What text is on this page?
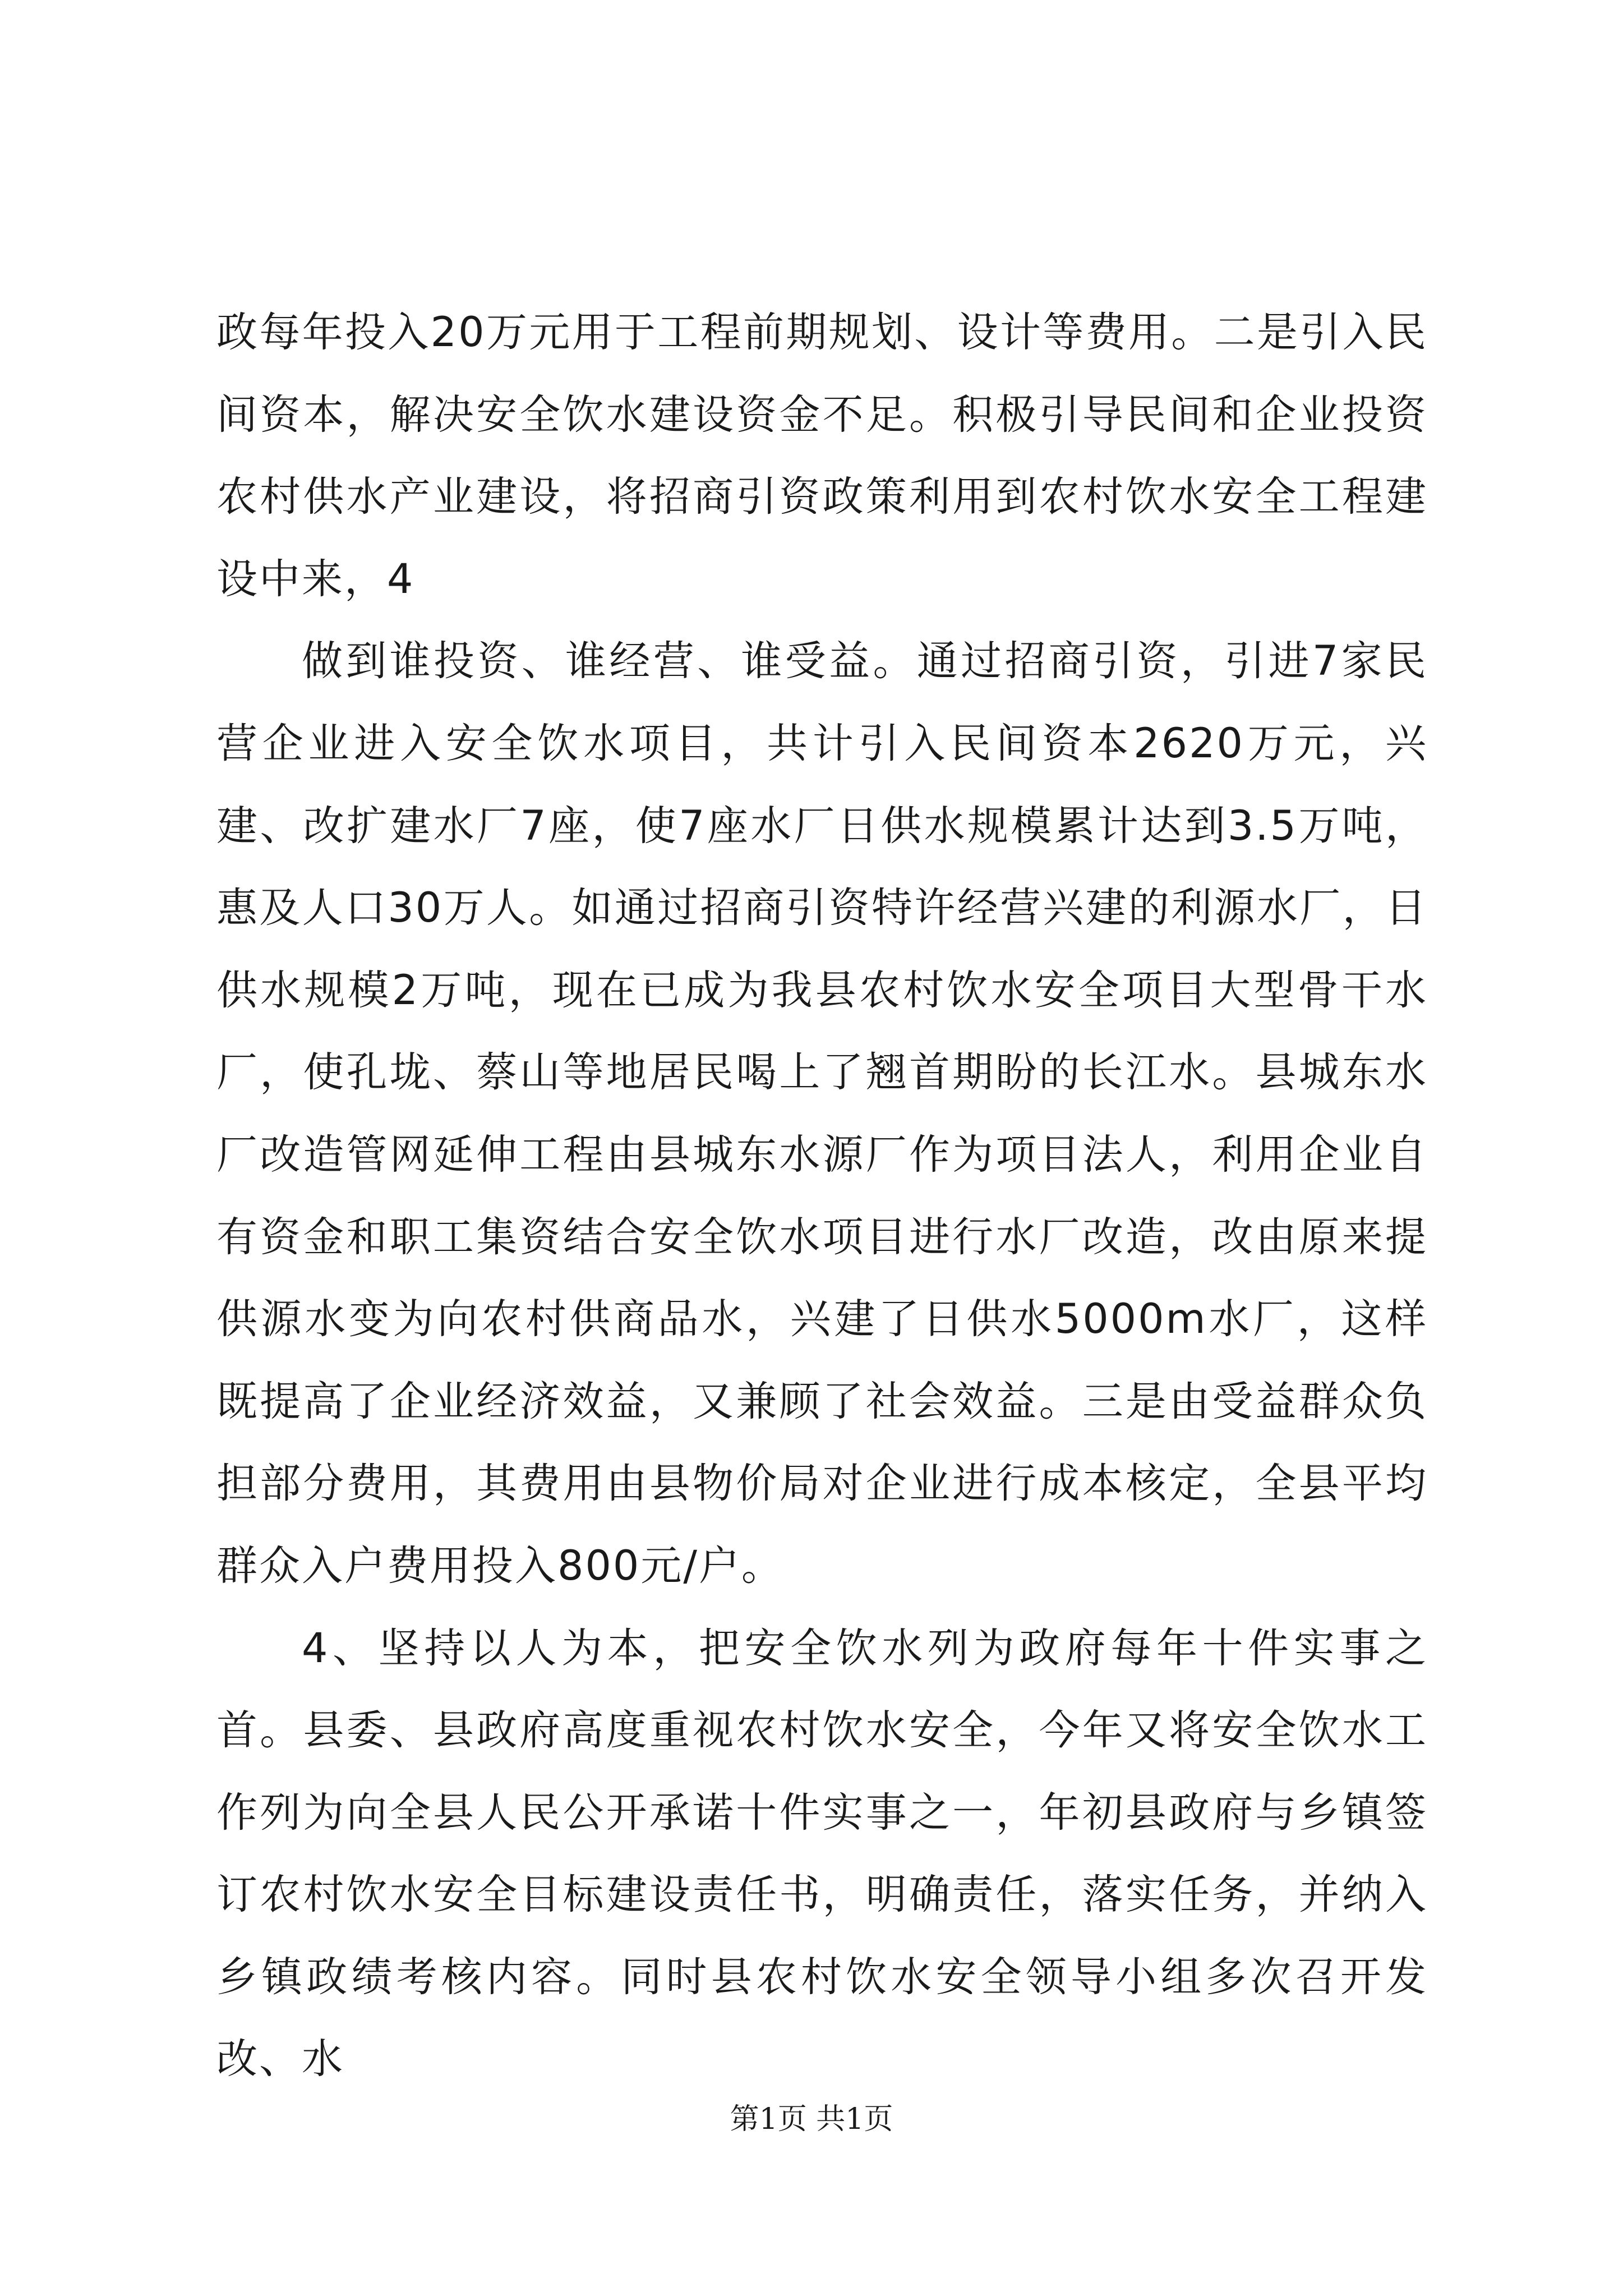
政每年投入20万元用于工程前期规划、设计等费用。二是引入民间资本，解决安全饮水建设资金不足。积极引导民间和企业投资农村供水产业建设，将招商引资政策利用到农村饮水安全工程建设中来，4

做到谁投资、谁经营、谁受益。通过招商引资，引进7家民营企业进入安全饮水项目，共计引入民间资本2620万元，兴建、改扩建水厂7座，使7座水厂日供水规模累计达到3.5万吨，惠及人口30万人。如通过招商引资特许经营兴建的利源水厂，日供水规模2万吨，现在已成为我县农村饮水安全项目大型骨干水厂，使孔垅、蔡山等地居民喝上了翘首期盼的长江水。县城东水厂改造管网延伸工程由县城东水源厂作为项目法人，利用企业自有资金和职工集资结合安全饮水项目进行水厂改造，改由原来提供源水变为向农村供商品水，兴建了日供水5000m水厂，这样既提高了企业经济效益，又兼顾了社会效益。三是由受益群众负担部分费用，其费用由县物价局对企业进行成本核定，全县平均群众入户费用投入800元/户。

4、坚持以人为本，把安全饮水列为政府每年十件实事之首。县委、县政府高度重视农村饮水安全，今年又将安全饮水工作列为向全县人民公开承诺十件实事之一，年初县政府与乡镇签订农村饮水安全目标建设责任书，明确责任，落实任务，并纳入乡镇政绩考核内容。同时县农村饮水安全领导小组多次召开发改、水

第1页 共1页
